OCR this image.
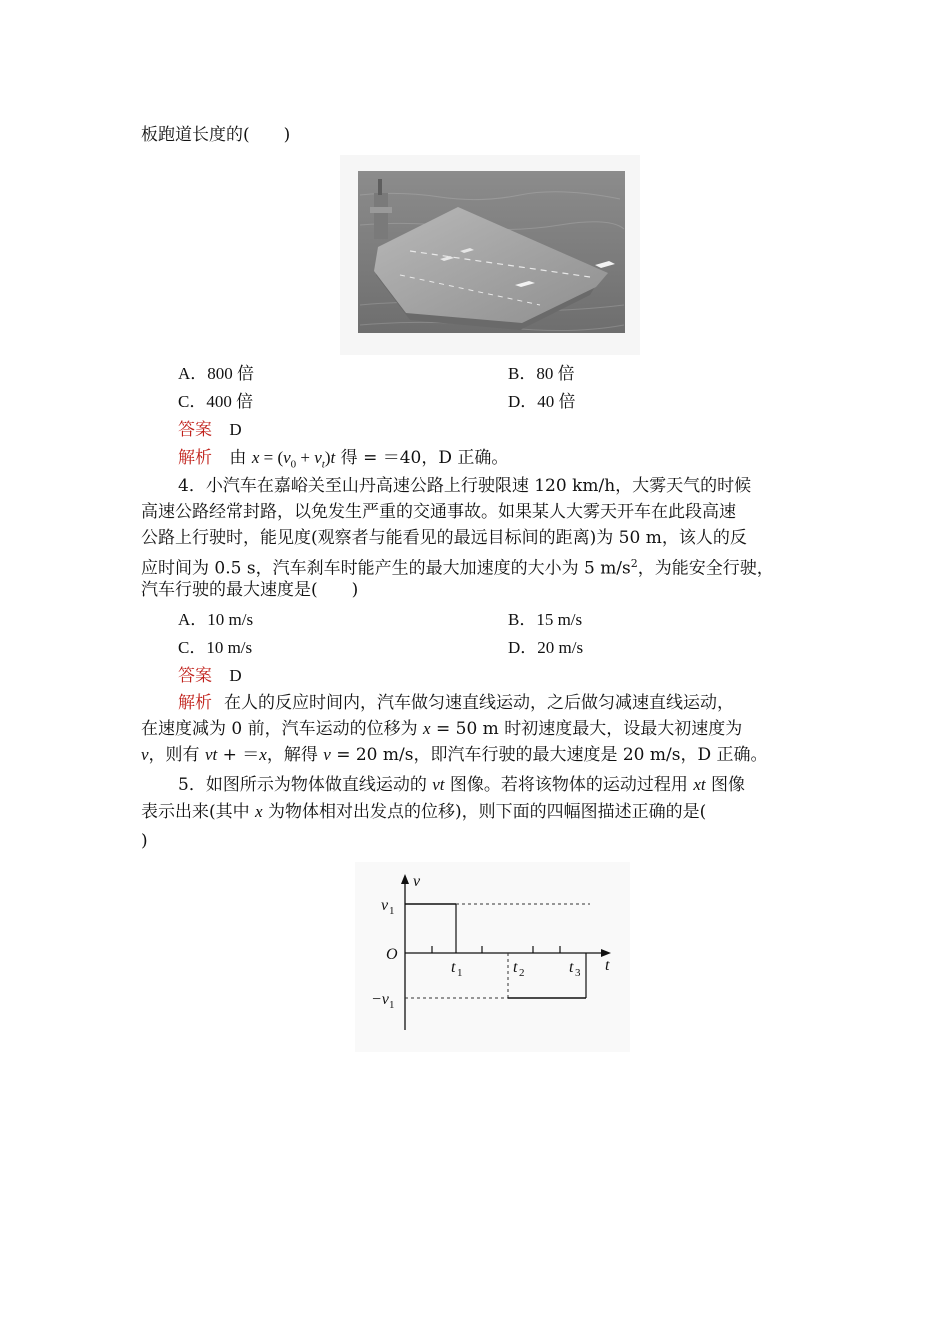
板跑道长度的(　　)
A．800 倍	B．80 倍
C．400 倍	D．40 倍
答案 D
解析 由 $x = (v_0 + v_t)t$ 得 = ＝40，D 正确。
4．小汽车在嘉峪关至山丹高速公路上行驶限速 120 km/h，大雾天气的时候
高速公路经常封路，以免发生严重的交通事故。如果某人大雾天开车在此段高速
公路上行驶时，能见度(观察者与能看见的最远目标间的距离)为 50 m，该人的反
应时间为 0.5 s，汽车刹车时能产生的最大加速度的大小为 5 $m/s^2$，为能安全行驶，
汽车行驶的最大速度是(　　)
A．10 m/s	B．15 m/s
C．10 m/s	D．20 m/s
答案 D
解析 在人的反应时间内，汽车做匀速直线运动，之后做匀减速直线运动，
在速度减为 0 前，汽车运动的位移为 x = 50 m 时初速度最大，设最大初速度为
v，则有 vt + ＝x，解得 v = 20 m/s，即汽车行驶的最大速度是 20 m/s，D 正确。
5．如图所示为物体做直线运动的 vt 图像。若将该物体的运动过程用 xt 图像
表示出来(其中 x 为物体相对出发点的位移)，则下面的四幅图描述正确的是(
)
v
t
O
v 1
−v 1
t 1	t 2	t 3
